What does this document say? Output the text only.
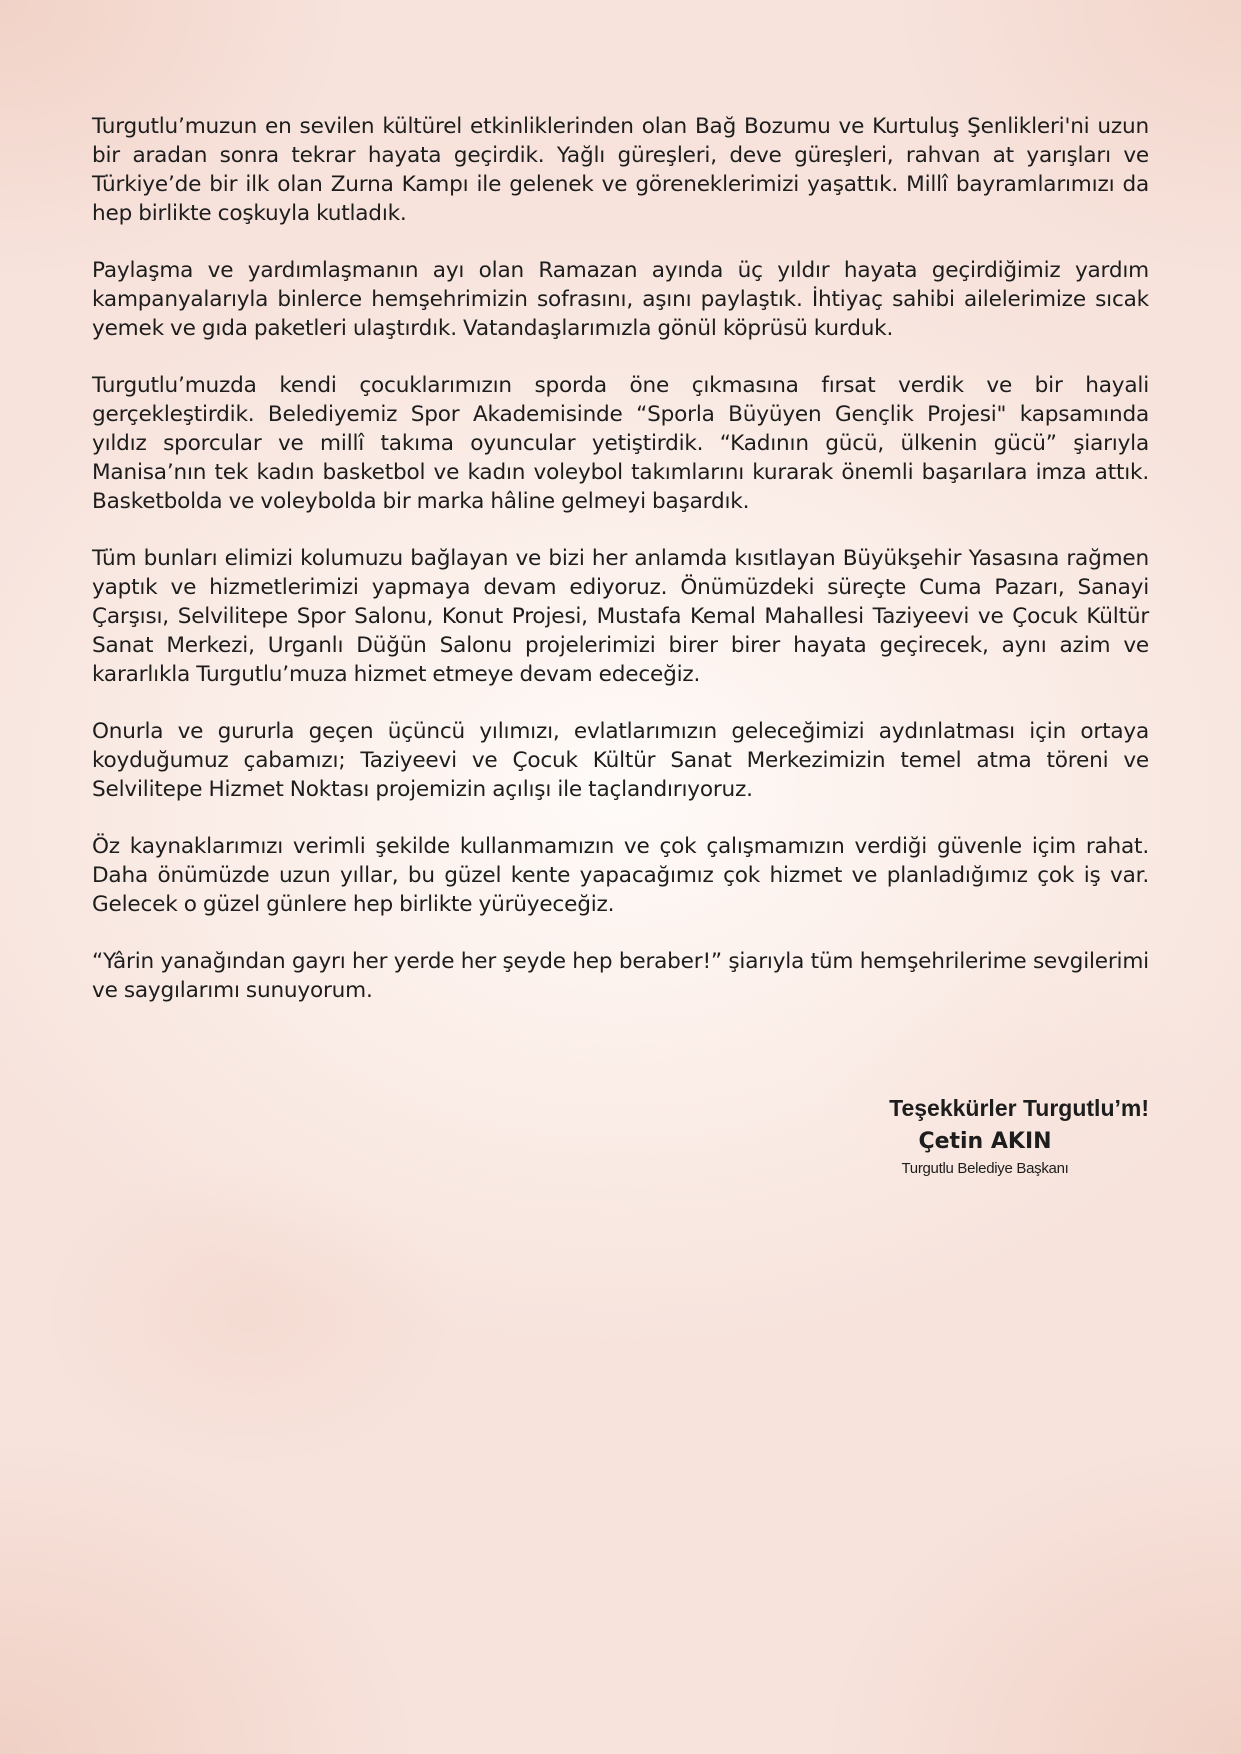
Turgutlu’muzun en sevilen kültürel etkinliklerinden olan Bağ Bozumu ve Kurtuluş Şenlikleri'ni uzun bir aradan sonra tekrar hayata geçirdik. Yağlı güreşleri, deve güreşleri, rahvan at yarışları ve Türkiye’de bir ilk olan Zurna Kampı ile gelenek ve göreneklerimizi yaşattık. Millî bayramlarımızı da hep birlikte coşkuyla kutladık.

Paylaşma ve yardımlaşmanın ayı olan Ramazan ayında üç yıldır hayata geçirdiğimiz yardım kampanyalarıyla binlerce hemşehrimizin sofrasını, aşını paylaştık. İhtiyaç sahibi ailelerimize sıcak yemek ve gıda paketleri ulaştırdık. Vatandaşlarımızla gönül köprüsü kurduk.

Turgutlu’muzda kendi çocuklarımızın sporda öne çıkmasına fırsat verdik ve bir hayali gerçekleştirdik. Belediyemiz Spor Akademisinde “Sporla Büyüyen Gençlik Projesi" kapsamında yıldız sporcular ve millî takıma oyuncular yetiştirdik. “Kadının gücü, ülkenin gücü” şiarıyla Manisa’nın tek kadın basketbol ve kadın voleybol takımlarını kurarak önemli başarılara imza attık. Basketbolda ve voleybolda bir marka hâline gelmeyi başardık.

Tüm bunları elimizi kolumuzu bağlayan ve bizi her anlamda kısıtlayan Büyükşehir Yasasına rağmen yaptık ve hizmetlerimizi yapmaya devam ediyoruz. Önümüzdeki süreçte Cuma Pazarı, Sanayi Çarşısı, Selvilitepe Spor Salonu, Konut Projesi, Mustafa Kemal Mahallesi Taziyeevi ve Çocuk Kültür Sanat Merkezi, Urganlı Düğün Salonu projelerimizi birer birer hayata geçirecek, aynı azim ve kararlıkla Turgutlu’muza hizmet etmeye devam edeceğiz.

Onurla ve gururla geçen üçüncü yılımızı, evlatlarımızın geleceğimizi aydınlatması için ortaya koyduğumuz çabamızı; Taziyeevi ve Çocuk Kültür Sanat Merkezimizin temel atma töreni ve Selvilitepe Hizmet Noktası projemizin açılışı ile taçlandırıyoruz.

Öz kaynaklarımızı verimli şekilde kullanmamızın ve çok çalışmamızın verdiği güvenle içim rahat. Daha önümüzde uzun yıllar, bu güzel kente yapacağımız çok hizmet ve planladığımız çok iş var. Gelecek o güzel günlere hep birlikte yürüyeceğiz.

“Yârin yanağından gayrı her yerde her şeyde hep beraber!” şiarıyla tüm hemşehrilerime sevgilerimi ve saygılarımı sunuyorum.

Teşekkürler Turgutlu’m!

Çetin AKIN

Turgutlu Belediye Başkanı
